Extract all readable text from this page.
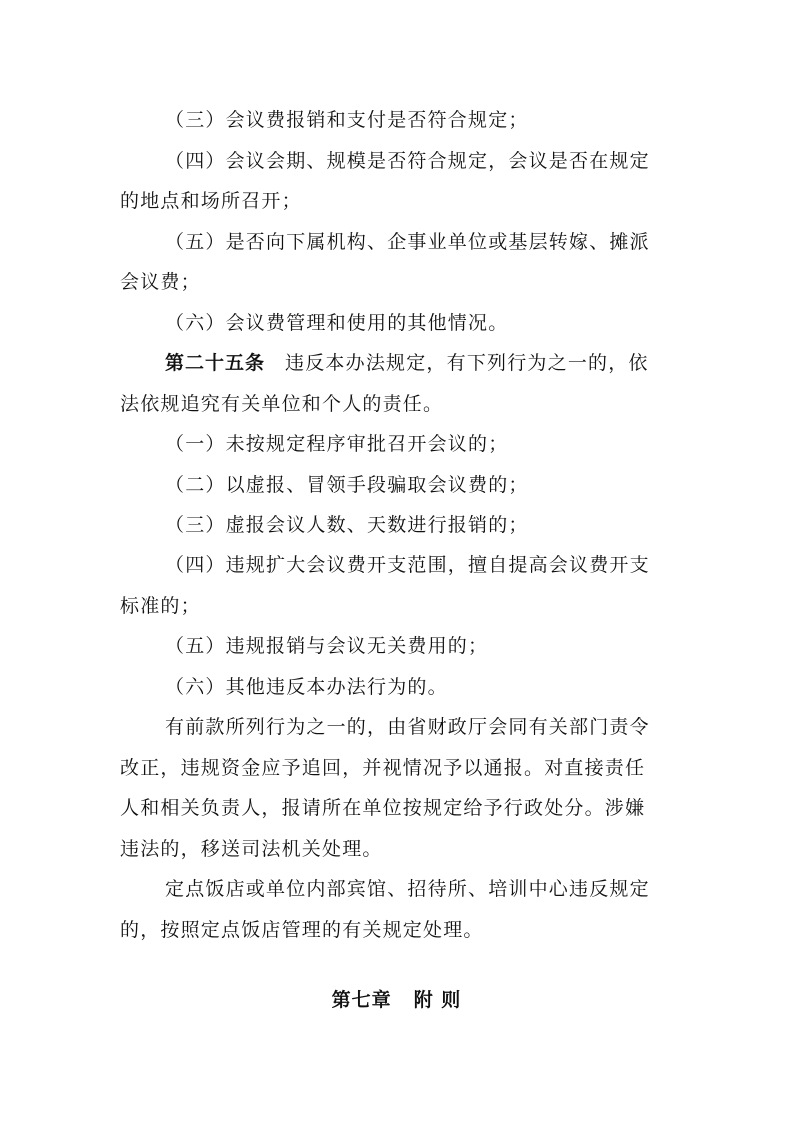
（三）会议费报销和支付是否符合规定；
（四）会议会期、规模是否符合规定，会议是否在规定
的地点和场所召开；
（五）是否向下属机构、企事业单位或基层转嫁、摊派
会议费；
（六）会议费管理和使用的其他情况。
第二十五条 违反本办法规定，有下列行为之一的，依
法依规追究有关单位和个人的责任。
（一）未按规定程序审批召开会议的；
（二）以虚报、冒领手段骗取会议费的；
（三）虚报会议人数、天数进行报销的；
（四）违规扩大会议费开支范围，擅自提高会议费开支
标准的；
（五）违规报销与会议无关费用的；
（六）其他违反本办法行为的。
有前款所列行为之一的，由省财政厅会同有关部门责令
改正，违规资金应予追回，并视情况予以通报。对直接责任
人和相关负责人，报请所在单位按规定给予行政处分。涉嫌
违法的，移送司法机关处理。
定点饭店或单位内部宾馆、招待所、培训中心违反规定
的，按照定点饭店管理的有关规定处理。
第七章 附 则
